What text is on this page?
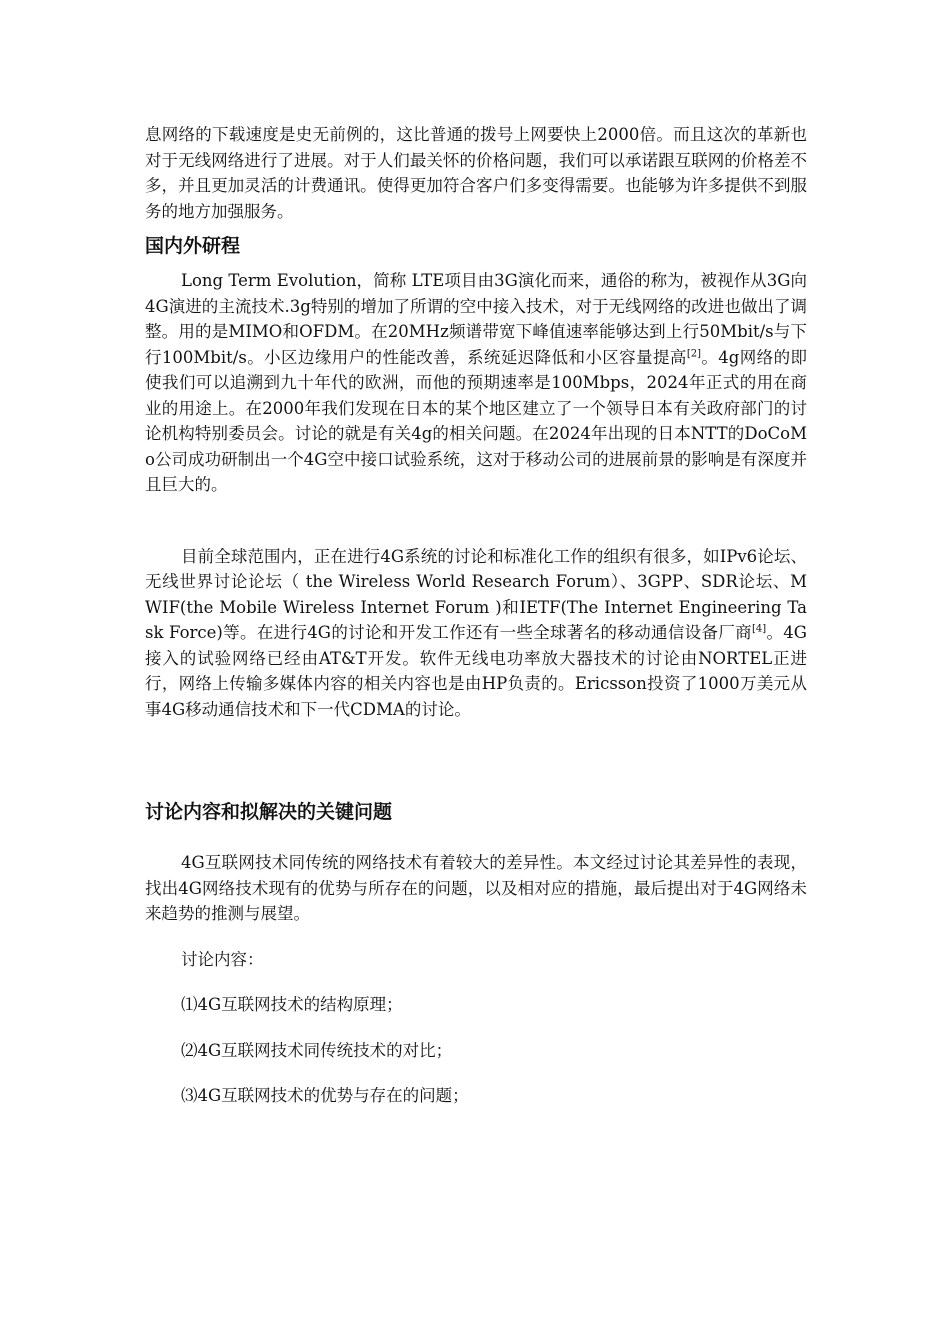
息网络的下载速度是史无前例的，这比普通的拨号上网要快上2000倍。而且这次的革新也对于无线网络进行了进展。对于人们最关怀的价格问题，我们可以承诺跟互联网的价格差不多，并且更加灵活的计费通讯。使得更加符合客户们多变得需要。也能够为许多提供不到服务的地方加强服务。

国内外研程

Long Term Evolution，简称 LTE项目由3G演化而来，通俗的称为，被视作从3G向4G演进的主流技术.3g特别的增加了所谓的空中接入技术，对于无线网络的改进也做出了调整。用的是MIMO和OFDM。在20MHz频谱带宽下峰值速率能够达到上行50Mbit/s与下行100Mbit/s。小区边缘用户的性能改善，系统延迟降低和小区容量提高[2]。4g网络的即使我们可以追溯到九十年代的欧洲，而他的预期速率是100Mbps，2024年正式的用在商业的用途上。在2000年我们发现在日本的某个地区建立了一个领导日本有关政府部门的讨论机构特别委员会。讨论的就是有关4g的相关问题。在2024年出现的日本NTT的DoCoMo公司成功研制出一个4G空中接口试验系统，这对于移动公司的进展前景的影响是有深度并且巨大的。

目前全球范围内，正在进行4G系统的讨论和标准化工作的组织有很多，如IPv6论坛、无线世界讨论论坛（ the Wireless World Research Forum）、3GPP、SDR论坛、MWIF(the Mobile Wireless Internet Forum )和IETF(The Internet Engineering Task Force)等。在进行4G的讨论和开发工作还有一些全球著名的移动通信设备厂商[4]。4G接入的试验网络已经由AT&T开发。软件无线电功率放大器技术的讨论由NORTEL正进行，网络上传输多媒体内容的相关内容也是由HP负责的。Ericsson投资了1000万美元从事4G移动通信技术和下一代CDMA的讨论。

讨论内容和拟解决的关键问题

4G互联网技术同传统的网络技术有着较大的差异性。本文经过讨论其差异性的表现，找出4G网络技术现有的优势与所存在的问题，以及相对应的措施，最后提出对于4G网络未来趋势的推测与展望。

讨论内容：

⑴4G互联网技术的结构原理；

⑵4G互联网技术同传统技术的对比；

⑶4G互联网技术的优势与存在的问题；
